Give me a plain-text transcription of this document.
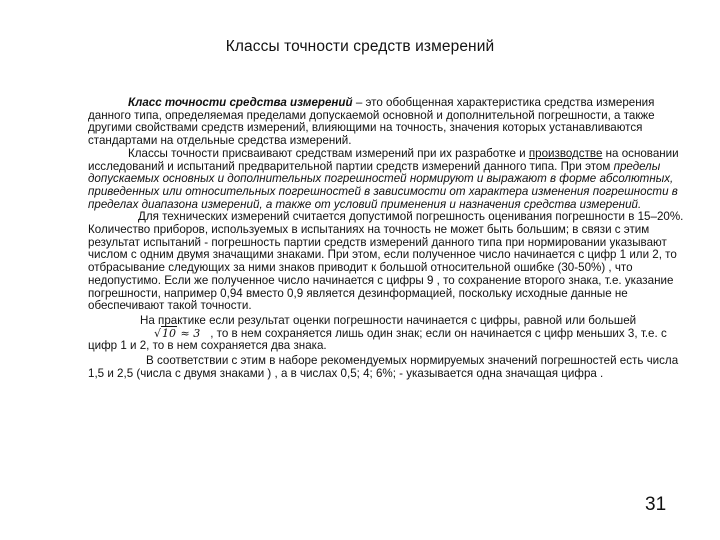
Классы точности средств измерений

Класс точности средства измерений – это обобщенная характеристика средства измерения данного типа, определяемая пределами допускаемой основной и дополнительной погрешности, а также другими свойствами средств измерений, влияющими на точность, значения которых устанавливаются стандартами на отдельные средства измерений.

Классы точности присваивают средствам измерений при их разработке и производстве на основании исследований и испытаний предварительной партии средств измерений данного типа. При этом пределы допускаемых основных и дополнительных погрешностей нормируют и выражают в форме абсолютных, приведенных или относительных погрешностей в зависимости от характера изменения погрешности в пределах диапазона измерений, а также от условий применения и назначения средства измерений.

Для технических измерений считается допустимой погрешность оценивания погрешности в 15–20%. Количество приборов, используемых в испытаниях на точность не может быть большим; в связи с этим результат испытаний - погрешность партии средств измерений данного типа при нормировании указывают числом с одним двумя значащими знаками. При этом, если полученное число начинается с цифр 1 или 2, то отбрасывание следующих за ними знаков приводит к большой относительной ошибке (30-50%) , что недопустимо. Если же полученное число начинается с цифры 9 , то сохранение второго знака, т.е. указание погрешности, например 0,94 вместо 0,9 является дезинформацией, поскольку исходные данные не обеспечивают такой точности.

На практике если результат оценки погрешности начинается с цифры, равной или большей√10 ≈ 3 , то в нем сохраняется лишь один знак; если он начинается с цифр меньших 3, т.е. с цифр 1 и 2, то в нем сохраняется два знака.

В соответствии с этим в наборе рекомендуемых нормируемых значений погрешностей есть числа 1,5 и 2,5 (числа с двумя знаками ) , а в числах 0,5; 4; 6%; - указывается одна значащая цифра .

31
